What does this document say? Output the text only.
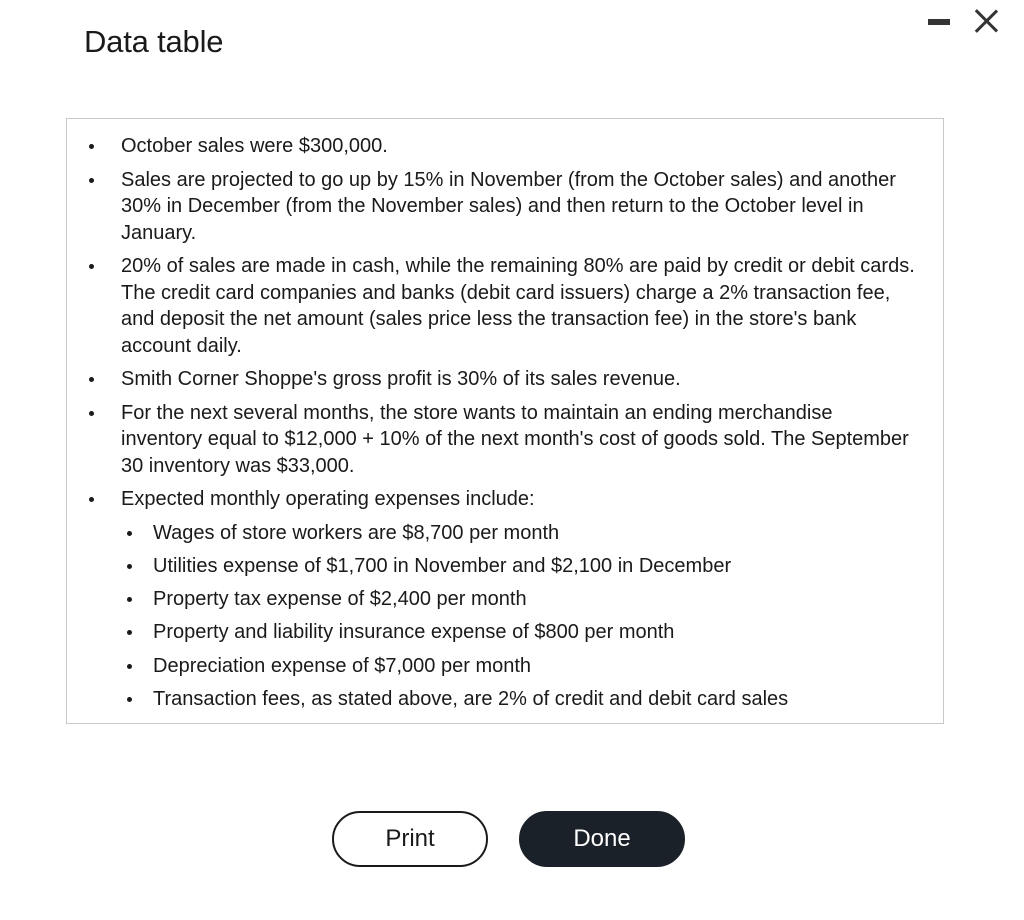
Data table
October sales were $300,000.
Sales are projected to go up by 15% in November (from the October sales) and another 30% in December (from the November sales) and then return to the October level in January.
20% of sales are made in cash, while the remaining 80% are paid by credit or debit cards. The credit card companies and banks (debit card issuers) charge a 2% transaction fee, and deposit the net amount (sales price less the transaction fee) in the store's bank account daily.
Smith Corner Shoppe's gross profit is 30% of its sales revenue.
For the next several months, the store wants to maintain an ending merchandise inventory equal to $12,000 + 10% of the next month's cost of goods sold. The September 30 inventory was $33,000.
Expected monthly operating expenses include:
Wages of store workers are $8,700 per month
Utilities expense of $1,700 in November and $2,100 in December
Property tax expense of $2,400 per month
Property and liability insurance expense of $800 per month
Depreciation expense of $7,000 per month
Transaction fees, as stated above, are 2% of credit and debit card sales
Print	Done
